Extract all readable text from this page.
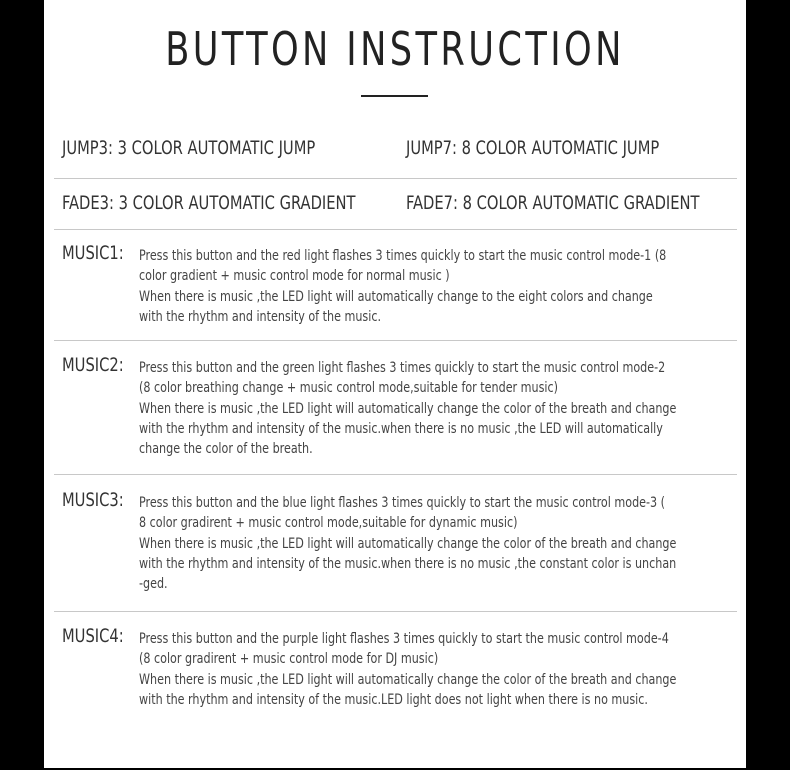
BUTTON INSTRUCTION
JUMP3: 3 COLOR AUTOMATIC JUMP	JUMP7: 8 COLOR AUTOMATIC JUMP
FADE3: 3 COLOR AUTOMATIC GRADIENT	FADE7: 8 COLOR AUTOMATIC GRADIENT
MUSIC1: Press this button and the red light flashes 3 times quickly to start the music control mode-1 (8
color gradient + music control mode for normal music )
When there is music ,the LED light will automatically change to the eight colors and change
with the rhythm and intensity of the music.
MUSIC2: Press this button and the green light flashes 3 times quickly to start the music control mode-2
(8 color breathing change + music control mode,suitable for tender music)
When there is music ,the LED light will automatically change the color of the breath and change
with the rhythm and intensity of the music.when there is no music ,the LED will automatically
change the color of the breath.
MUSIC3: Press this button and the blue light flashes 3 times quickly to start the music control mode-3 (
8 color gradirent + music control mode,suitable for dynamic music)
When there is music ,the LED light will automatically change the color of the breath and change
with the rhythm and intensity of the music.when there is no music ,the constant color is unchan
-ged.
MUSIC4: Press this button and the purple light flashes 3 times quickly to start the music control mode-4
(8 color gradirent + music control mode for DJ music)
When there is music ,the LED light will automatically change the color of the breath and change
with the rhythm and intensity of the music.LED light does not light when there is no music.
